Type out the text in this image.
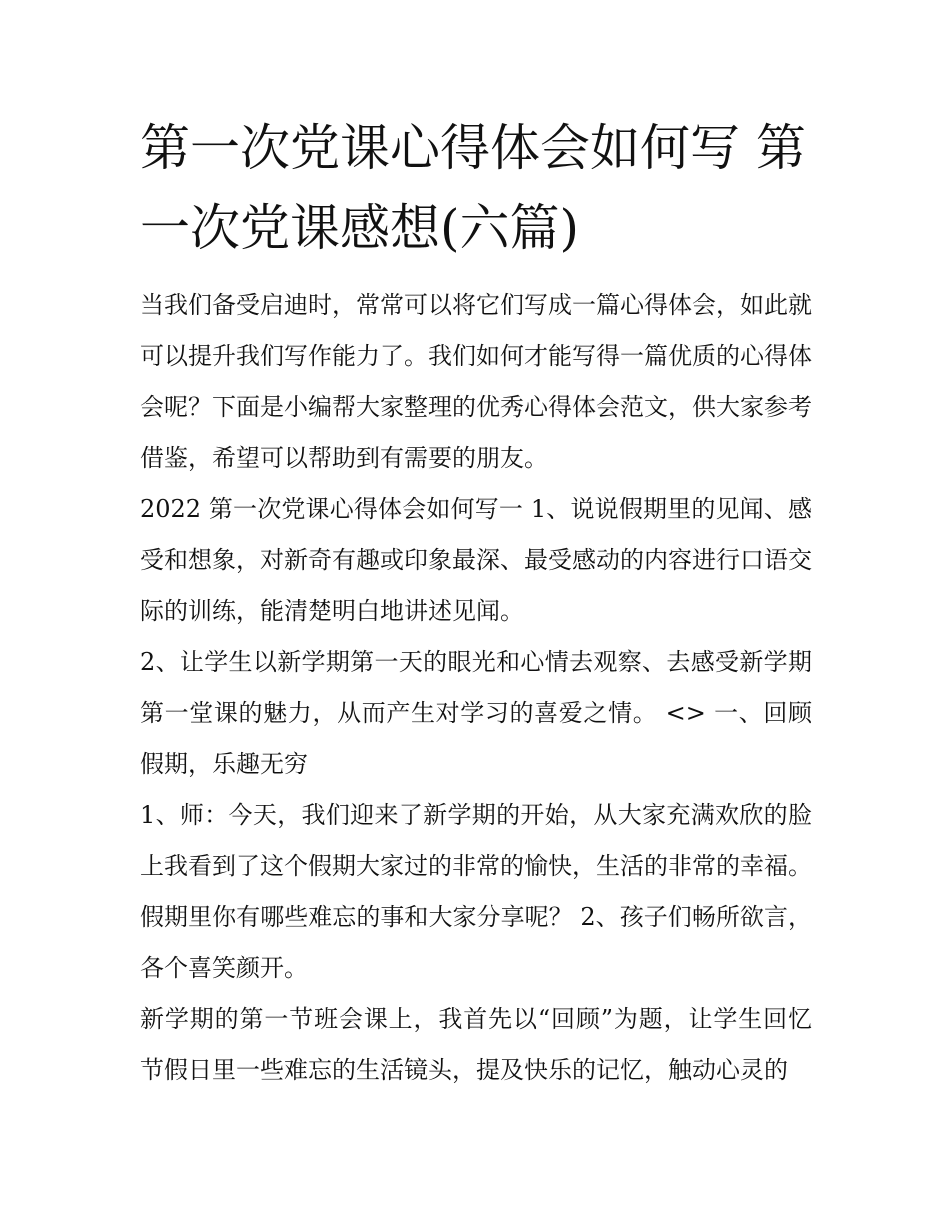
第一次党课心得体会如何写 第一次党课感想(六篇)

当我们备受启迪时，常常可以将它们写成一篇心得体会，如此就可以提升我们写作能力了。我们如何才能写得一篇优质的心得体会呢？下面是小编帮大家整理的优秀心得体会范文，供大家参考借鉴，希望可以帮助到有需要的朋友。

2022 第一次党课心得体会如何写一 1、说说假期里的见闻、感受和想象，对新奇有趣或印象最深、最受感动的内容进行口语交际的训练，能清楚明白地讲述见闻。

2、让学生以新学期第一天的眼光和心情去观察、去感受新学期第一堂课的魅力，从而产生对学习的喜爱之情。 <> 一、回顾假期，乐趣无穷

1、师：今天，我们迎来了新学期的开始，从大家充满欢欣的脸上我看到了这个假期大家过的非常的愉快，生活的非常的幸福。假期里你有哪些难忘的事和大家分享呢？ 2、孩子们畅所欲言，各个喜笑颜开。

新学期的第一节班会课上，我首先以“回顾”为题，让学生回忆节假日里一些难忘的生活镜头，提及快乐的记忆，触动心灵的
